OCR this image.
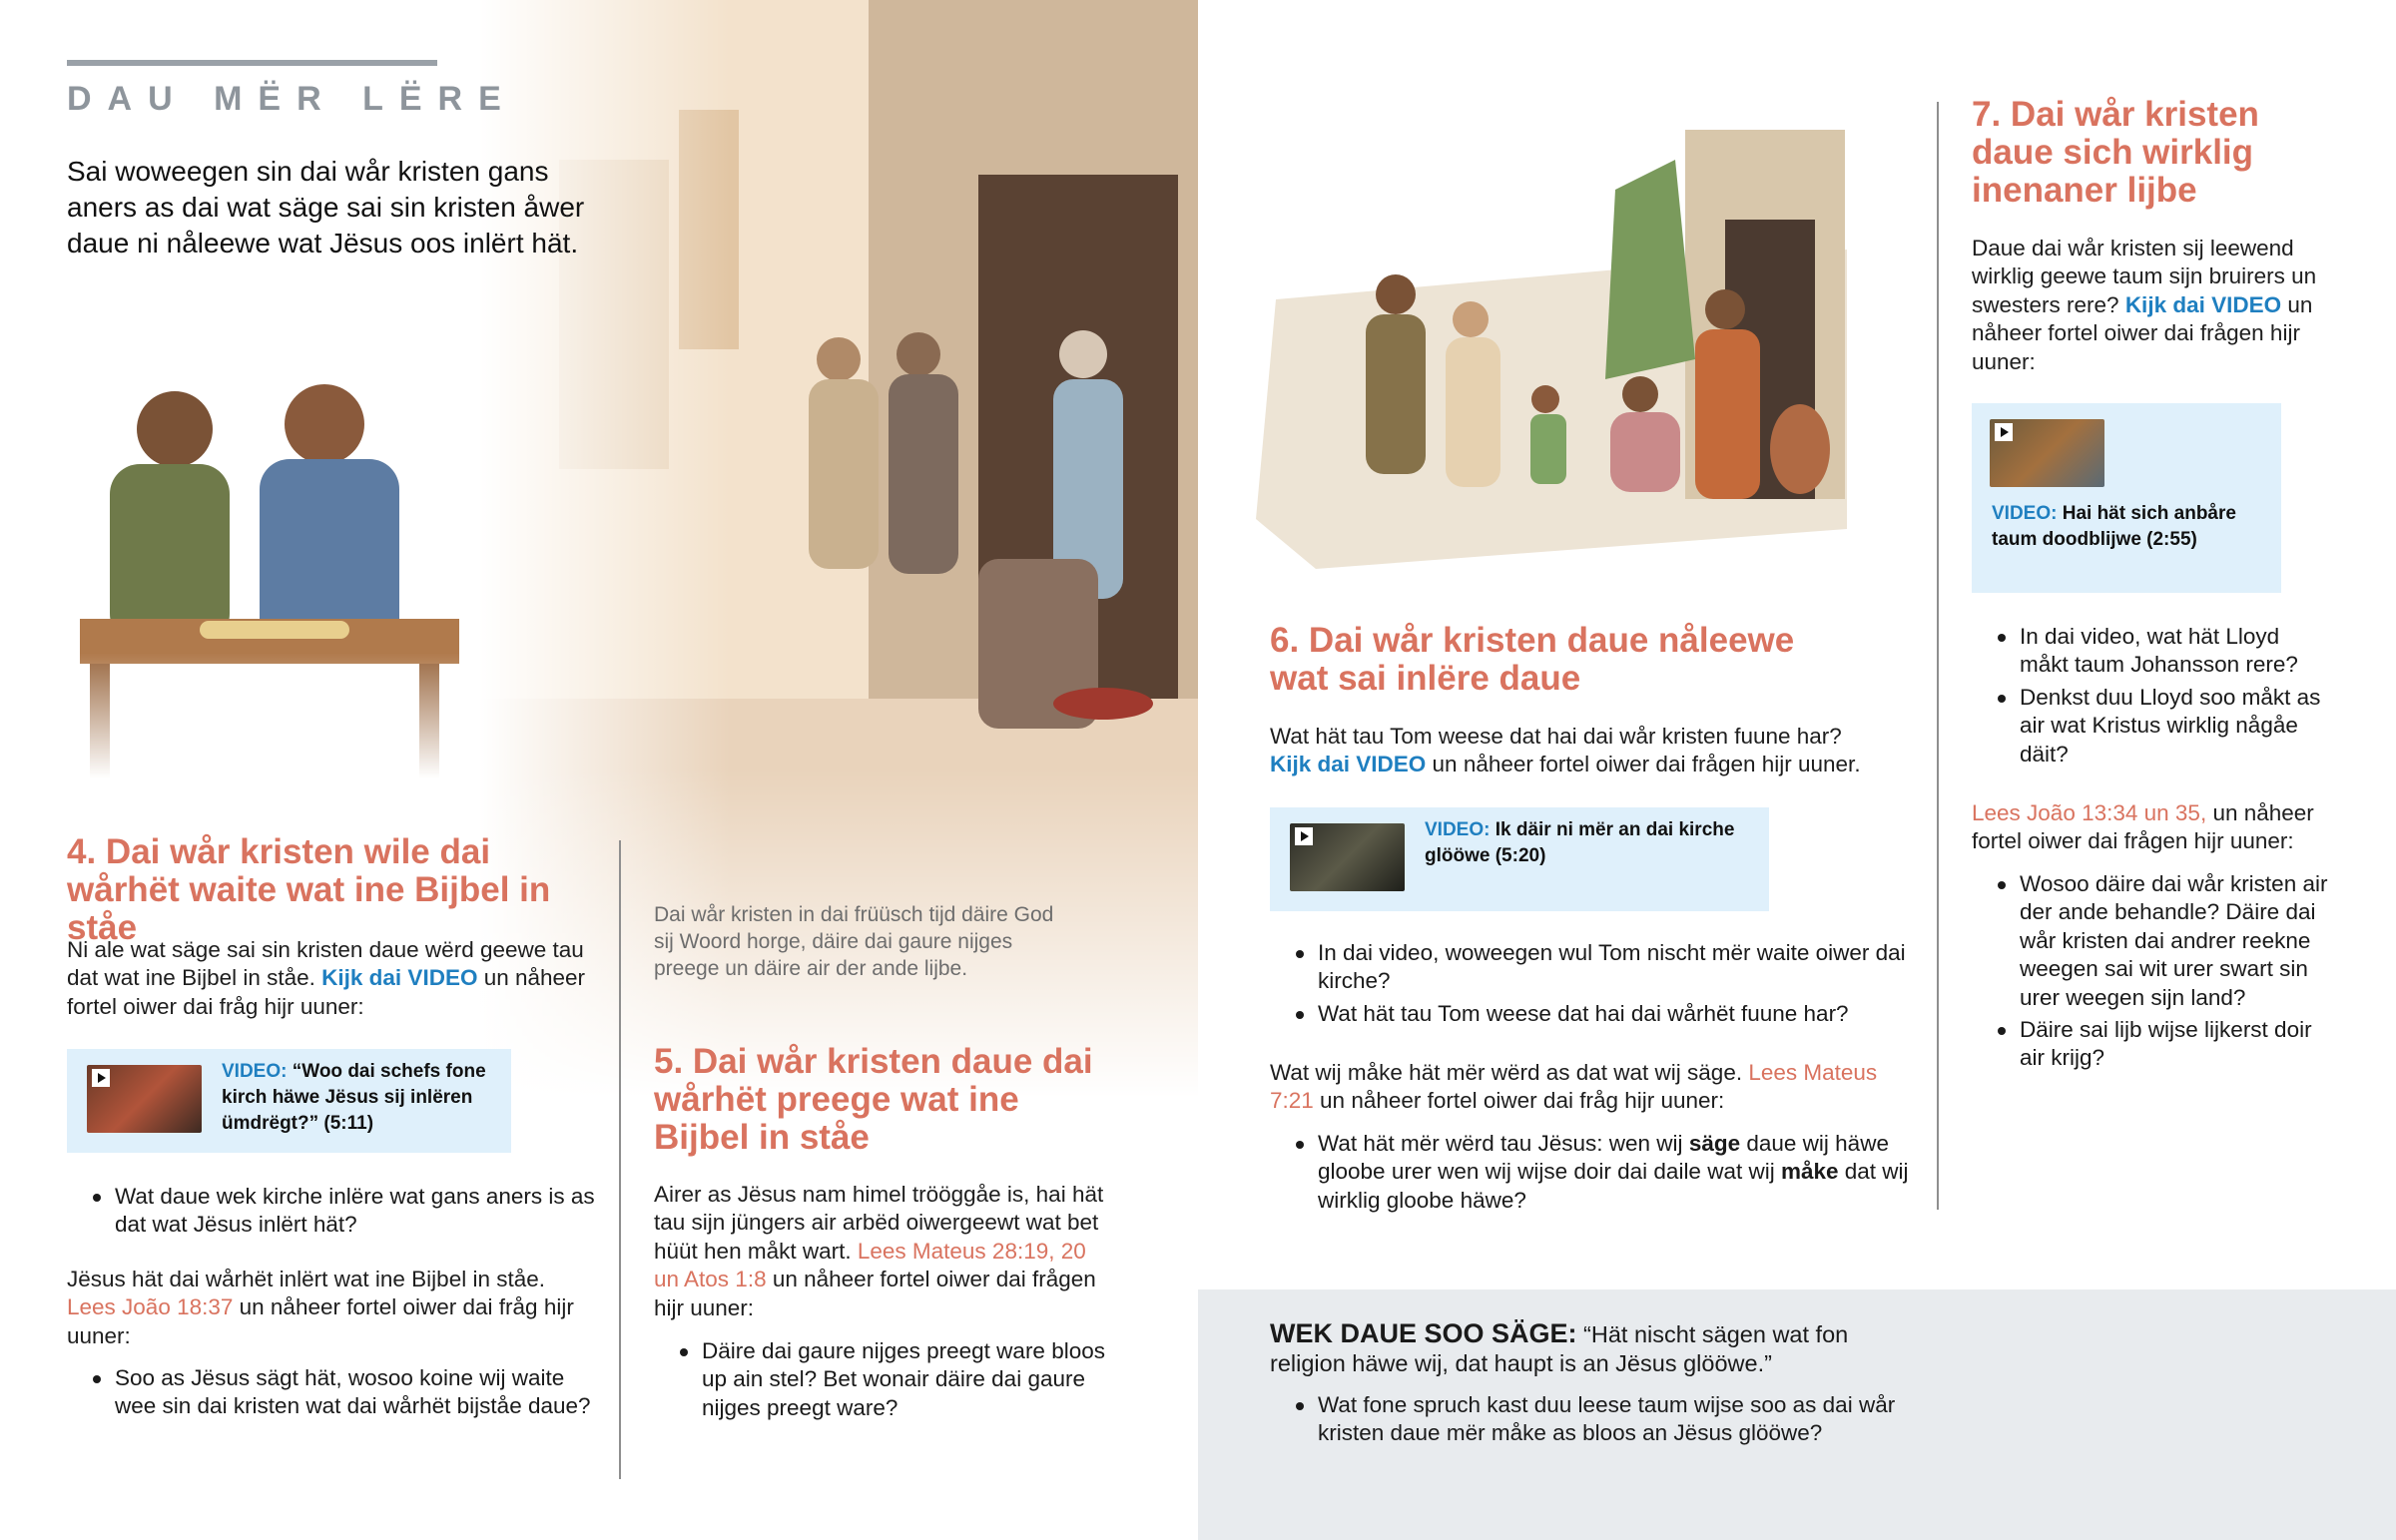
DAU MËR LËRE

Sai woweegen sin dai wår kristen gans aners as dai wat säge sai sin kristen åwer daue ni nåleewe wat Jësus oos inlërt hät.

4. Dai wår kristen wile dai wårhët waite wat ine Bijbel in ståe

Ni ale wat säge sai sin kristen daue wërd geewe tau dat wat ine Bijbel in ståe. Kijk dai VIDEO un nåheer fortel oiwer dai fråg hijr uuner:

VIDEO: “Woo dai schefs fone kirch häwe Jësus sij inlëren ümdrëgt?” (5:11)
Wat daue wek kirche inlëre wat gans aners is as dat wat Jësus inlërt hät?

Jësus hät dai wårhët inlërt wat ine Bijbel in ståe. Lees João 18:37 un nåheer fortel oiwer dai fråg hijr uuner:

Soo as Jësus sägt hät, wosoo koine wij waite wee sin dai kristen wat dai wårhët bijståe daue?

Dai wår kristen in dai früüsch tijd däire God sij Woord horge, däire dai gaure nijges preege un däire air der ande lijbe.

5. Dai wår kristen daue dai wårhët preege wat ine Bijbel in ståe

Airer as Jësus nam himel trööggåe is, hai hät tau sijn jüngers air arbëd oiwergeewt wat bet hüüt hen måkt wart. Lees Mateus 28:19, 20 un Atos 1:8 un nåheer fortel oiwer dai frågen hijr uuner:

Däire dai gaure nijges preegt ware bloos up ain stel? Bet wonair däire dai gaure nijges preegt ware?
6. Dai wår kristen daue nåleewe wat sai inlëre daue

Wat hät tau Tom weese dat hai dai wår kristen fuune har? Kijk dai VIDEO un nåheer fortel oiwer dai frågen hijr uuner.

VIDEO: Ik däir ni mër an dai kirche glööwe (5:20)
In dai video, woweegen wul Tom nischt mër waite oiwer dai kirche?
Wat hät tau Tom weese dat hai dai wårhët fuune har?

Wat wij måke hät mër wërd as dat wat wij säge. Lees Mateus 7:21 un nåheer fortel oiwer dai fråg hijr uuner:

Wat hät mër wërd tau Jësus: wen wij säge daue wij häwe gloobe urer wen wij wijse doir dai daile wat wij måke dat wij wirklig gloobe häwe?
7. Dai wår kristen daue sich wirklig inenaner lijbe

Daue dai wår kristen sij leewend wirklig geewe taum sijn bruirers un swesters rere? Kijk dai VIDEO un nåheer fortel oiwer dai frågen hijr uuner:

VIDEO: Hai hät sich anbåre taum doodblijwe (2:55)
In dai video, wat hät Lloyd måkt taum Johansson rere?
Denkst duu Lloyd soo måkt as air wat Kristus wirklig någåe däit?

Lees João 13:34 un 35, un nåheer fortel oiwer dai frågen hijr uuner:

Wosoo däire dai wår kristen air der ande behandle? Däire dai wår kristen dai andrer reekne weegen sai wit urer swart sin urer weegen sijn land?
Däire sai lijb wijse lijkerst doir air krijg?

WEK DAUE SOO SÄGE: “Hät nischt sägen wat fon religion häwe wij, dat haupt is an Jësus glööwe.”

Wat fone spruch kast duu leese taum wijse soo as dai wår kristen daue mër måke as bloos an Jësus glööwe?
